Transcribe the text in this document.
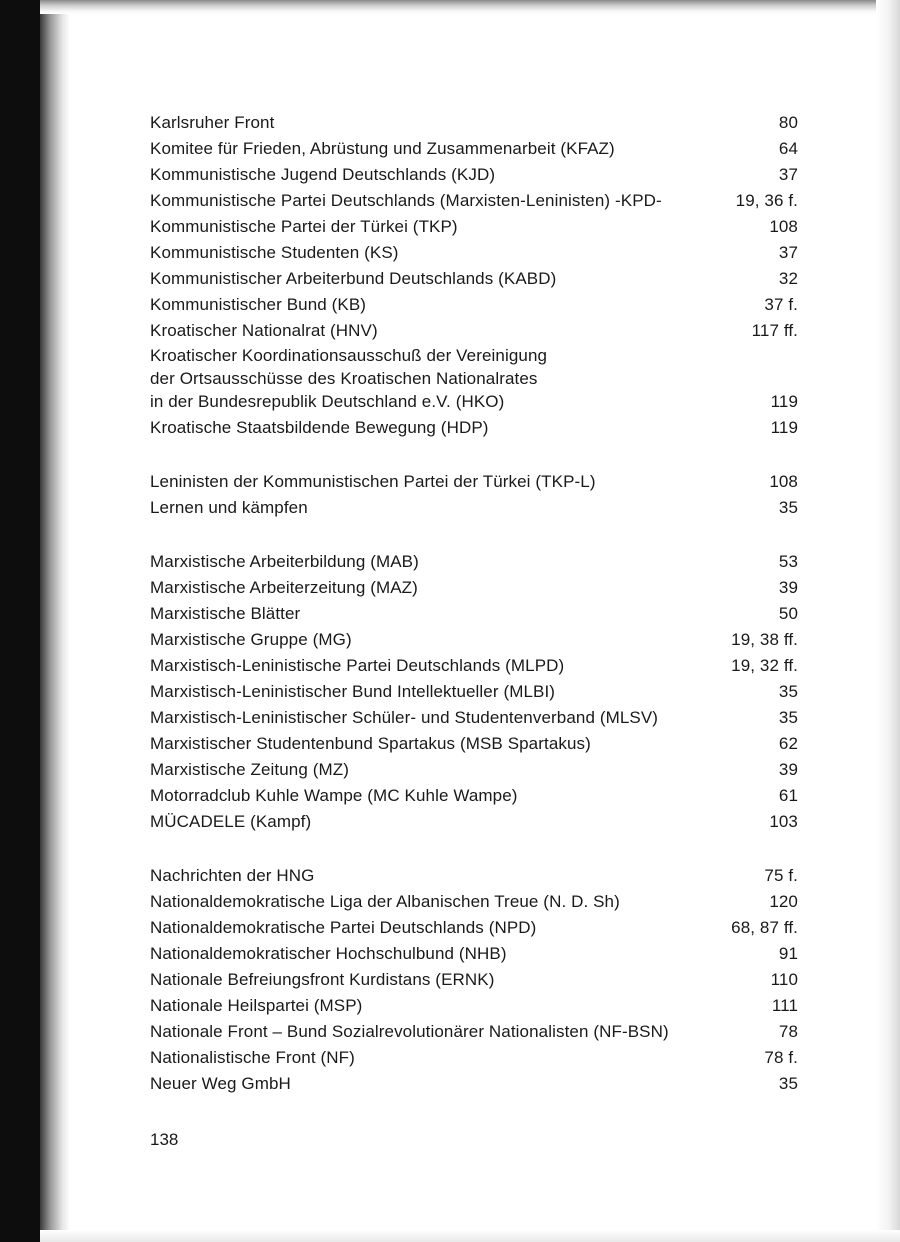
Karlsruher Front	80
Komitee für Frieden, Abrüstung und Zusammenarbeit (KFAZ)	64
Kommunistische Jugend Deutschlands (KJD)	37
Kommunistische Partei Deutschlands (Marxisten-Leninisten) -KPD-	19, 36 f.
Kommunistische Partei der Türkei (TKP)	108
Kommunistische Studenten (KS)	37
Kommunistischer Arbeiterbund Deutschlands (KABD)	32
Kommunistischer Bund (KB)	37 f.
Kroatischer Nationalrat (HNV)	117 ff.
Kroatischer Koordinationsausschuß der Vereinigung
der Ortsausschüsse des Kroatischen Nationalrates
in der Bundesrepublik Deutschland e.V. (HKO)	119
Kroatische Staatsbildende Bewegung (HDP)	119
Leninisten der Kommunistischen Partei der Türkei (TKP-L)	108
Lernen und kämpfen	35
Marxistische Arbeiterbildung (MAB)	53
Marxistische Arbeiterzeitung (MAZ)	39
Marxistische Blätter	50
Marxistische Gruppe (MG)	19, 38 ff.
Marxistisch-Leninistische Partei Deutschlands (MLPD)	19, 32 ff.
Marxistisch-Leninistischer Bund Intellektueller (MLBI)	35
Marxistisch-Leninistischer Schüler- und Studentenverband (MLSV)	35
Marxistischer Studentenbund Spartakus (MSB Spartakus)	62
Marxistische Zeitung (MZ)	39
Motorradclub Kuhle Wampe (MC Kuhle Wampe)	61
MÜCADELE (Kampf)	103
Nachrichten der HNG	75 f.
Nationaldemokratische Liga der Albanischen Treue (N. D. Sh)	120
Nationaldemokratische Partei Deutschlands (NPD)	68, 87 ff.
Nationaldemokratischer Hochschulbund (NHB)	91
Nationale Befreiungsfront Kurdistans (ERNK)	110
Nationale Heilspartei (MSP)	111
Nationale Front – Bund Sozialrevolutionärer Nationalisten (NF-BSN)	78
Nationalistische Front (NF)	78 f.
Neuer Weg GmbH	35
138
